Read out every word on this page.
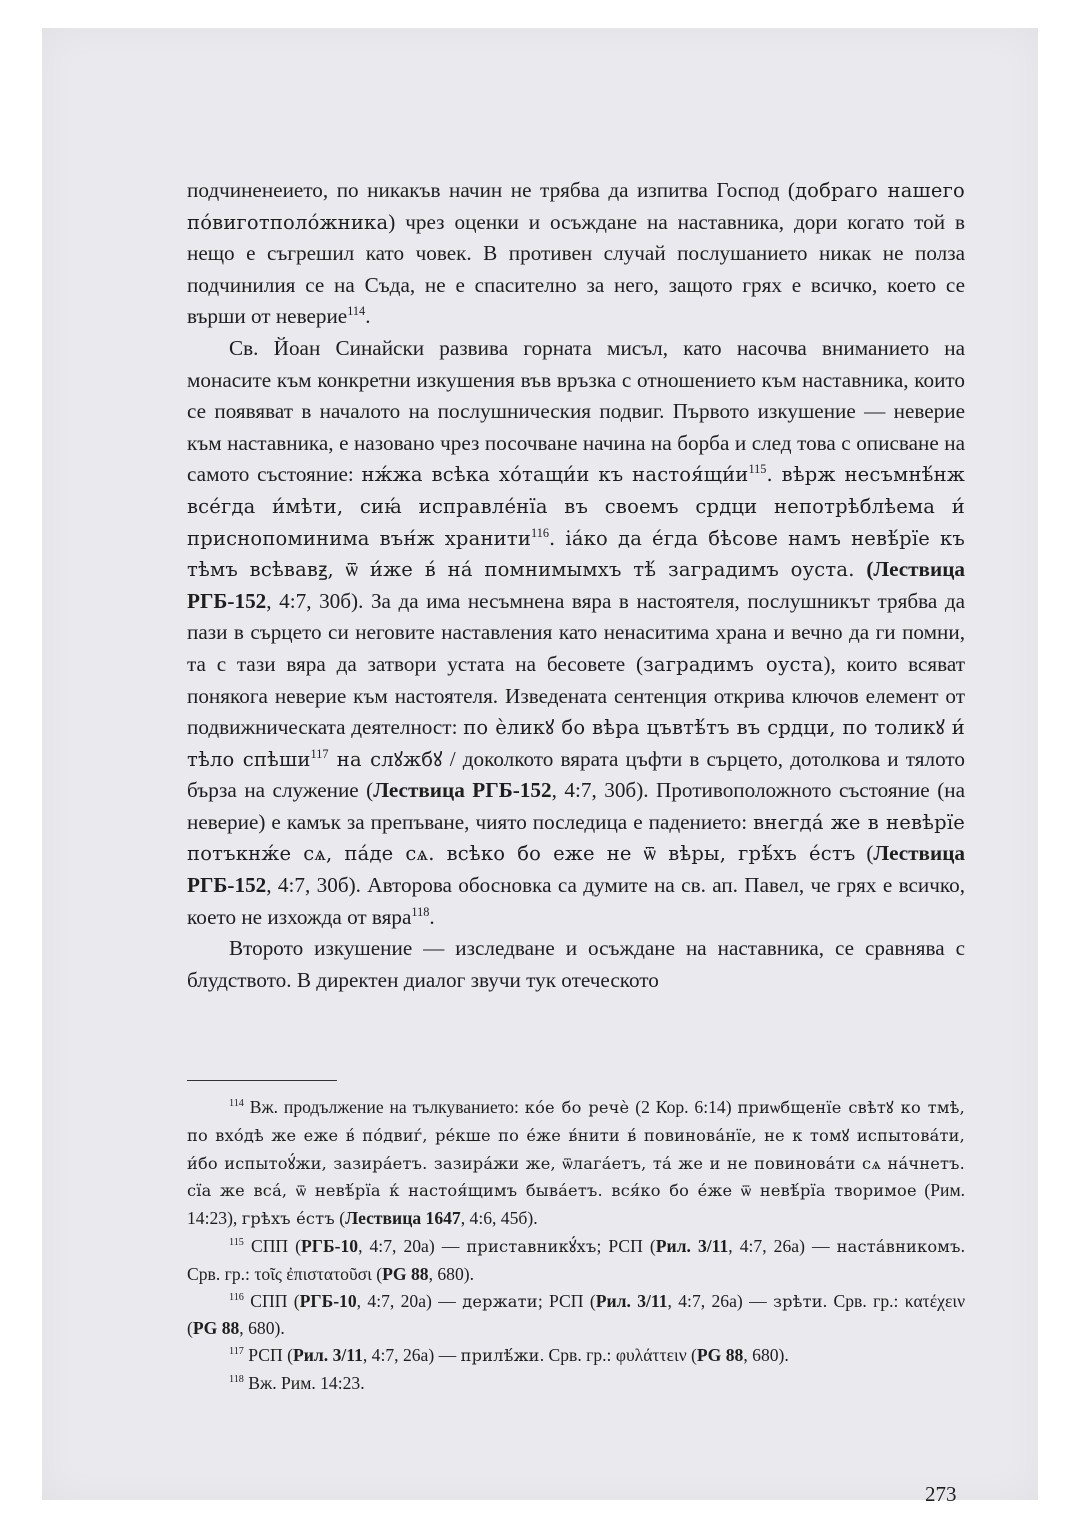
подчиненеието, по никакъв начин не трябва да изпитва Господ (добраго нашего по́виготполо́жника) чрез оценки и осъждане на наставника, дори когато той в нещо е съгрешил като човек. В противен случай послушанието никак не полза подчинилия се на Съда, не е спасително за него, защото грях е всичко, което се върши от неверие$^{114}$.

Св. Йоан Синайски развива горната мисъл, като насочва вниманието на монасите към конкретни изкушения във връзка с отношението към наставника, които се появяват в началото на послушническия подвиг. Първото изкушение — неверие към наставника, е назовано чрез посочване начина на борба и след това с описване на самото състояние: нж́жа всѣка хо́тащи́и къ $настоя́щи́и^{115}$. вѣрж несъмнѣ́нж все́гда и́мѣти, сиꙗ́ исправле́нїа въ своемъ срдци непотрѣблѣема и́ приснопоминима вън́ж хранити$^{116}$. іа́ко да е́гда бѣсове намъ невѣ́рїе къ тѣмъ всѣвавꙃ, ѿ и́же в́ на́ помнимымхъ тѣ́ заградимъ оуста. (Лествица РГБ-152, 4:7, 30б). За да има несъмнена вяра в настоятеля, послушникът трябва да пази в сърцето си неговите наставления като ненаситима храна и вечно да ги помни, та с тази вяра да затвори устата на бесовете (заградимъ оуста), които всяват понякога неверие към настоятеля. Изведената сентенция открива ключов елемент от подвижническата деятелност: по ѐликꙋ бо вѣра цъвтѣ́тъ въ срдци, по толикꙋ и́ тѣло спѣши$^{117}$ на слꙋжбꙋ / доколкото вярата цъфти в сърцето, дотолкова и тялото бърза на служение (Лествица РГБ-152, 4:7, 30б). Противоположното състояние (на неверие) е камък за препъване, чиято последица е падението: внегда́ же в невѣрїе потъкнж́е сѧ, па́де сѧ. всѣко бо еже не ѿ вѣры, грѣ́хъ е́стъ (Лествица РГБ-152, 4:7, 30б). Авторова обосновка са думите на св. ап. Павел, че грях е всичко, което не изхожда от вяра$^{118}$.

Второто изкушение — изследване и осъждане на наставника, се сравнява с блудството. В директен диалог звучи тук отеческото

$^{114}$ Вж. продължение на тълкуванието: ко́е бо речѐ (2 Кор. 6:14) приѡбщенїе свѣтꙋ ко тмѣ, по вхо́дѣ же еже в́ по́двиѓ, ре́кше по е́же в́нити в́ повинова́нїе, не к томꙋ испытова́ти, и́бо испытоꙋ́жи, зазира́етъ. зазира́жи же, ѿлага́етъ, та́ же и не повинова́ти сѧ на́чнетъ. сїа же вса́, ѿ невѣ́рїа ќ настоя́щимъ быва́етъ. вся́ко бо е́же ѿ невѣ́рїа творимое (Рим. 14:23), грѣхъ е́стъ (Лествица 1647, 4:6, 45б).

$^{115}$ СПП (РГБ-10, 4:7, 20а) — приставникꙋ́хъ; РСП (Рил. 3/11, 4:7, 26а) — наста́вникомъ. Срв. гр.: τοῖς ἐπιστατοῦσι (PG 88, 680).

$^{116}$ СПП (РГБ-10, 4:7, 20а) — держати; РСП (Рил. 3/11, 4:7, 26а) — зрѣти. Срв. гр.: κατέχειν (PG 88, 680).

$^{117}$ РСП (Рил. 3/11, 4:7, 26а) — прилѣ́жи. Срв. гр.: φυλάττειν (PG 88, 680).

$^{118}$ Вж. Рим. 14:23.

273
